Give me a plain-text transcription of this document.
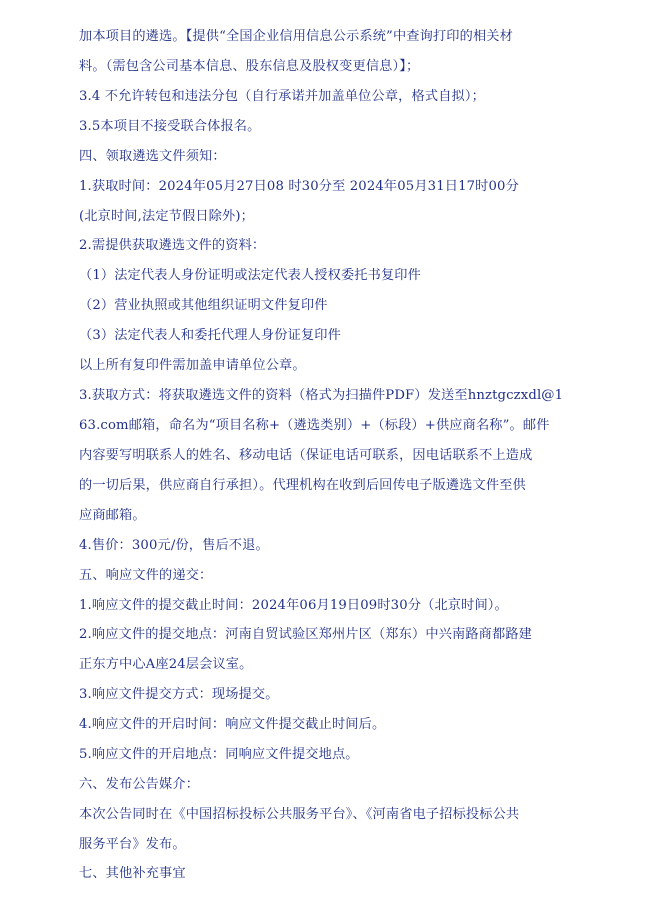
加本项目的遴选。【提供“全国企业信用信息公示系统”中查询打印的相关材
料。（需包含公司基本信息、股东信息及股权变更信息）】；
3.4 不允许转包和违法分包（自行承诺并加盖单位公章，格式自拟）；
3.5本项目不接受联合体报名。
四、领取遴选文件须知：
1.获取时间：2024年05月27日08 时30分至 2024年05月31日17时00分
(北京时间,法定节假日除外)；
2.需提供获取遴选文件的资料：
（1）法定代表人身份证明或法定代表人授权委托书复印件
（2）营业执照或其他组织证明文件复印件
（3）法定代表人和委托代理人身份证复印件
以上所有复印件需加盖申请单位公章。
3.获取方式：将获取遴选文件的资料（格式为扫描件PDF）发送至hnztgczxdl@1
63.com邮箱，命名为“项目名称+（遴选类别）+（标段）+供应商名称”。邮件
内容要写明联系人的姓名、移动电话（保证电话可联系，因电话联系不上造成
的一切后果，供应商自行承担）。代理机构在收到后回传电子版遴选文件至供
应商邮箱。
4.售价：300元/份，售后不退。
五、响应文件的递交：
1.响应文件的提交截止时间：2024年06月19日09时30分（北京时间）。
2.响应文件的提交地点：河南自贸试验区郑州片区（郑东）中兴南路商都路建
正东方中心A座24层会议室。
3.响应文件提交方式：现场提交。
4.响应文件的开启时间：响应文件提交截止时间后。
5.响应文件的开启地点：同响应文件提交地点。
六、发布公告媒介：
本次公告同时在《中国招标投标公共服务平台》、《河南省电子招标投标公共
服务平台》发布。
七、其他补充事宜
